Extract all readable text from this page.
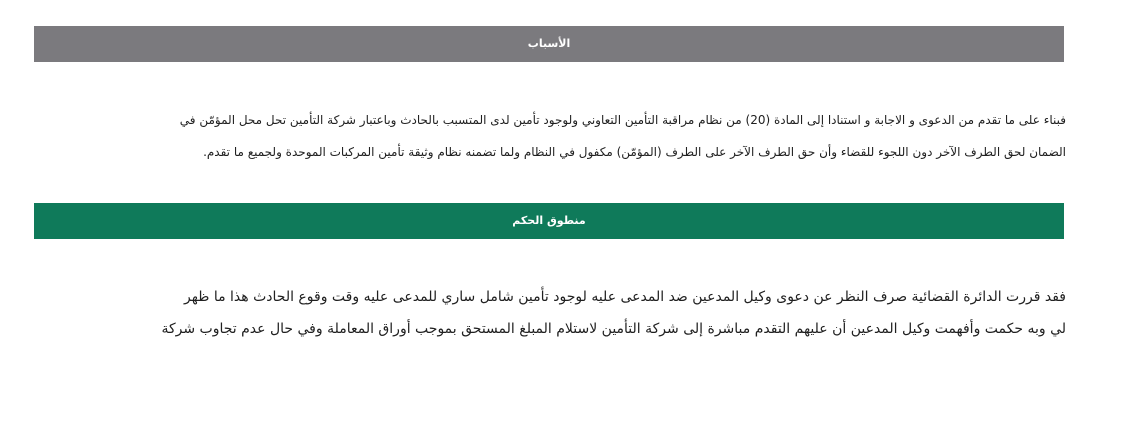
الأسباب
فبناء على ما تقدم من الدعوى و الاجابة و استنادا إلى المادة (20) من نظام مراقبة التأمين التعاوني ولوجود تأمين لدى المتسبب بالحادث وباعتبار شركة التأمين تحل محل المؤمّن في
الضمان لحق الطرف الآخر دون اللجوء للقضاء وأن حق الطرف الآخر على الطرف (المؤمّن) مكفول في النظام ولما تضمنه نظام وثيقة تأمين المركبات الموحدة ولجميع ما تقدم.
منطوق الحكم
فقد قررت الدائرة القضائية صرف النظر عن دعوى وكيل المدعين ضد المدعى عليه لوجود تأمين شامل ساري للمدعى عليه وقت وقوع الحادث هذا ما ظهر
لي وبه حكمت وأفهمت وكيل المدعين أن عليهم التقدم مباشرة إلى شركة التأمين لاستلام المبلغ المستحق بموجب أوراق المعاملة وفي حال عدم تجاوب شركة
